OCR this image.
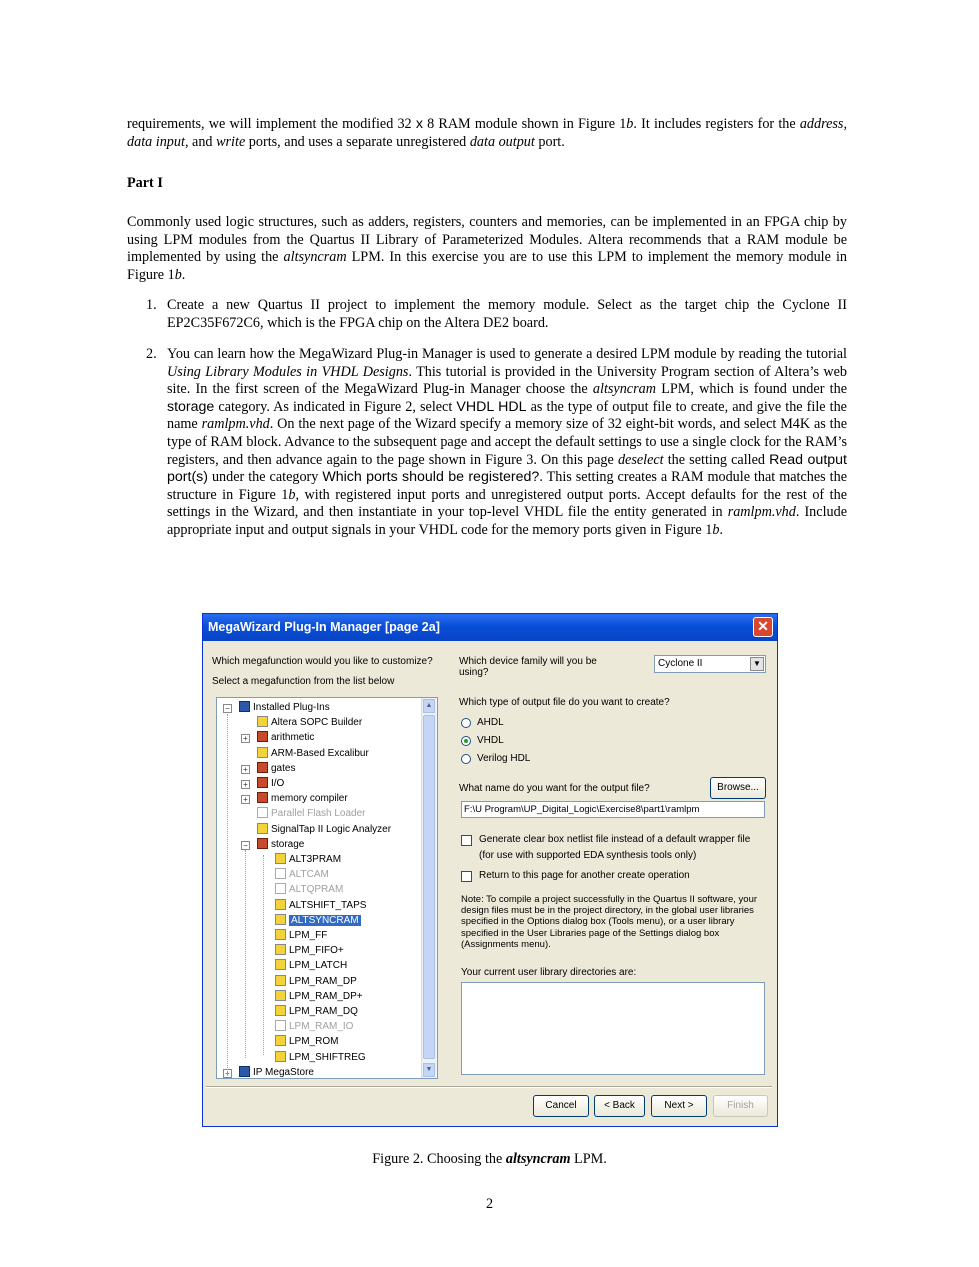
requirements, we will implement the modified 32 x 8 RAM module shown in Figure 1b. It includes registers for the address, data input, and write ports, and uses a separate unregistered data output port.
Part I
Commonly used logic structures, such as adders, registers, counters and memories, can be implemented in an FPGA chip by using LPM modules from the Quartus II Library of Parameterized Modules. Altera recommends that a RAM module be implemented by using the altsyncram LPM. In this exercise you are to use this LPM to implement the memory module in Figure 1b.
1. Create a new Quartus II project to implement the memory module. Select as the target chip the Cyclone II EP2C35F672C6, which is the FPGA chip on the Altera DE2 board.
2. You can learn how the MegaWizard Plug-in Manager is used to generate a desired LPM module by reading the tutorial Using Library Modules in VHDL Designs. This tutorial is provided in the University Program section of Altera’s web site. In the first screen of the MegaWizard Plug-in Manager choose the altsyncram LPM, which is found under the storage category. As indicated in Figure 2, select VHDL HDL as the type of output file to create, and give the file the name ramlpm.vhd. On the next page of the Wizard specify a memory size of 32 eight-bit words, and select M4K as the type of RAM block. Advance to the subsequent page and accept the default settings to use a single clock for the RAM’s registers, and then advance again to the page shown in Figure 3. On this page deselect the setting called Read output port(s) under the category Which ports should be registered?. This setting creates a RAM module that matches the structure in Figure 1b, with registered input ports and unregistered output ports. Accept defaults for the rest of the settings in the Wizard, and then instantiate in your top-level VHDL file the entity generated in ramlpm.vhd. Include appropriate input and output signals in your VHDL code for the memory ports given in Figure 1b.
MegaWizard Plug-In Manager [page 2a]	✕
Which megafunction would you like to customize?
Select a megafunction from the list below
Installed Plug-Ins
−
Altera SOPC Builder
arithmetic
+
ARM-Based Excalibur
gates
+
I/O
+
memory compiler
+
Parallel Flash Loader
SignalTap II Logic Analyzer
storage
−
ALT3PRAM
ALTCAM
ALTQPRAM
ALTSHIFT_TAPS
ALTSYNCRAM
LPM_FF
LPM_FIFO+
LPM_LATCH
LPM_RAM_DP
LPM_RAM_DP+
LPM_RAM_DQ
LPM_RAM_IO
LPM_ROM
LPM_SHIFTREG
IP MegaStore
+
▲
▼
Which device family will you be using?
Cyclone II	▼
Which type of output file do you want to create?
AHDL
VHDL
Verilog HDL
What name do you want for the output file?	Browse...
F:\U Program\UP_Digital_Logic\Exercise8\part1\ramlpm
Generate clear box netlist file instead of a default wrapper file
(for use with supported EDA synthesis tools only)
Return to this page for another create operation
Note: To compile a project successfully in the Quartus II software, your design files must be in the project directory, in the global user libraries specified in the Options dialog box (Tools menu), or a user library specified in the User Libraries page of the Settings dialog box (Assignments menu).
Your current user library directories are:
Cancel	< Back	Next >	Finish
Figure 2. Choosing the altsyncram LPM.
2
